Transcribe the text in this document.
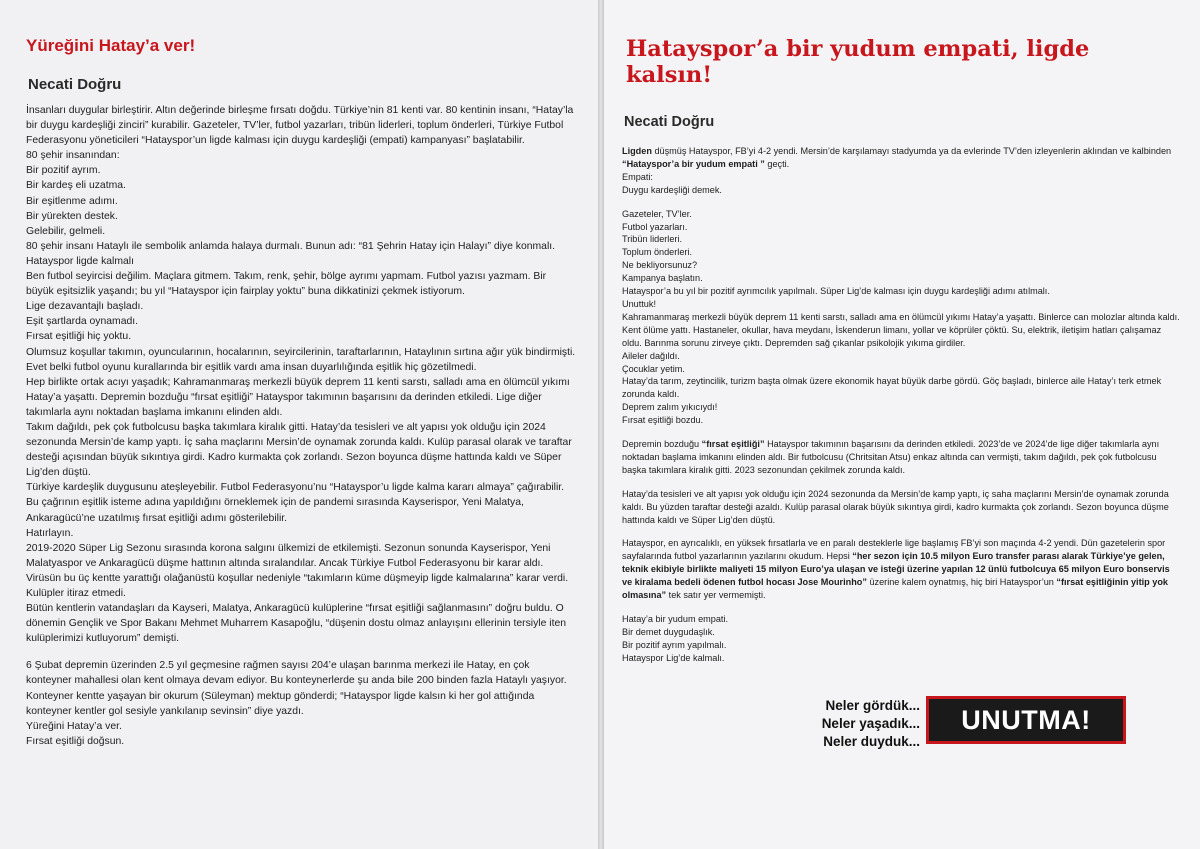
Yüreğini Hatay’a ver!
Necati Doğru

İnsanları duygular birleştirir. Altın değerinde birleşme fırsatı doğdu. Türkiye’nin 81 kenti var. 80 kentinin insanı, “Hatay’la bir duygu kardeşliği zinciri” kurabilir. Gazeteler, TV’ler, futbol yazarları, tribün liderleri, toplum önderleri, Türkiye Futbol Federasyonu yöneticileri “Hatayspor’un ligde kalması için duygu kardeşliği (empati) kampanyası” başlatabilir.

80 şehir insanından:

Bir pozitif ayrım.

Bir kardeş eli uzatma.

Bir eşitlenme adımı.

Bir yürekten destek.

Gelebilir, gelmeli.

80 şehir insanı Hataylı ile sembolik anlamda halaya durmalı. Bunun adı: “81 Şehrin Hatay için Halayı” diye konmalı.

Hatayspor ligde kalmalı

Ben futbol seyircisi değilim. Maçlara gitmem. Takım, renk, şehir, bölge ayrımı yapmam. Futbol yazısı yazmam. Bir büyük eşitsizlik yaşandı; bu yıl “Hatayspor için fairplay yoktu” buna dikkatinizi çekmek istiyorum.

Lige dezavantajlı başladı.

Eşit şartlarda oynamadı.

Fırsat eşitliği hiç yoktu.

Olumsuz koşullar takımın, oyuncularının, hocalarının, seyircilerinin, taraftarlarının, Hataylının sırtına ağır yük bindirmişti. Evet belki futbol oyunu kurallarında bir eşitlik vardı ama insan duyarlılığında eşitlik hiç gözetilmedi.

Hep birlikte ortak acıyı yaşadık; Kahramanmaraş merkezli büyük deprem 11 kenti sarstı, salladı ama en ölümcül yıkımı Hatay’a yaşattı. Depremin bozduğu “fırsat eşitliği” Hatayspor takımının başarısını da derinden etkiledi. Lige diğer takımlarla aynı noktadan başlama imkanını elinden aldı.

Takım dağıldı, pek çok futbolcusu başka takımlara kiralık gitti. Hatay’da tesisleri ve alt yapısı yok olduğu için 2024 sezonunda Mersin’de kamp yaptı. İç saha maçlarını Mersin’de oynamak zorunda kaldı. Kulüp parasal olarak ve taraftar desteği açısından büyük sıkıntıya girdi. Kadro kurmakta çok zorlandı. Sezon boyunca düşme hattında kaldı ve Süper Lig’den düştü.

Türkiye kardeşlik duygusunu ateşleyebilir. Futbol Federasyonu’nu “Hatayspor’u ligde kalma kararı almaya” çağırabilir. Bu çağrının eşitlik isteme adına yapıldığını örneklemek için de pandemi sırasında Kayserispor, Yeni Malatya, Ankaragücü’ne uzatılmış fırsat eşitliği adımı gösterilebilir.

Hatırlayın.

2019-2020 Süper Lig Sezonu sırasında korona salgını ülkemizi de etkilemişti. Sezonun sonunda Kayserispor, Yeni Malatyaspor ve Ankaragücü düşme hattının altında sıralandılar. Ancak Türkiye Futbol Federasyonu bir karar aldı. Virüsün bu üç kentte yarattığı olağanüstü koşullar nedeniyle “takımların küme düşmeyip ligde kalmalarına” karar verdi.

Kulüpler itiraz etmedi.

Bütün kentlerin vatandaşları da Kayseri, Malatya, Ankaragücü kulüplerine “fırsat eşitliği sağlanmasını” doğru buldu. O dönemin Gençlik ve Spor Bakanı Mehmet Muharrem Kasapoğlu, “düşenin dostu olmaz anlayışını ellerinin tersiyle iten kulüplerimizi kutluyorum” demişti.

6 Şubat depremin üzerinden 2.5 yıl geçmesine rağmen sayısı 204’e ulaşan barınma merkezi ile Hatay, en çok konteyner mahallesi olan kent olmaya devam ediyor. Bu konteynerlerde şu anda bile 200 binden fazla Hataylı yaşıyor. Konteyner kentte yaşayan bir okurum (Süleyman) mektup gönderdi; “Hatayspor ligde kalsın ki her gol attığında konteyner kentler gol sesiyle yankılanıp sevinsin” diye yazdı.

Yüreğini Hatay’a ver.

Fırsat eşitliği doğsun.

Hatayspor’a bir yudum empati, ligde kalsın!
Necati Doğru

Ligden düşmüş Hatayspor, FB’yi 4-2 yendi. Mersin’de karşılamayı stadyumda ya da evlerinde TV’den izleyenlerin aklından ve kalbinden “Hatayspor’a bir yudum empati ” geçti.

Empati:

Duygu kardeşliği demek.

Gazeteler, TV’ler.

Futbol yazarları.

Tribün liderleri.

Toplum önderleri.

Ne bekliyorsunuz?

Kampanya başlatın.

Hatayspor’a bu yıl bir pozitif ayrımcılık yapılmalı. Süper Lig’de kalması için duygu kardeşliği adımı atılmalı.

Unuttuk!

Kahramanmaraş merkezli büyük deprem 11 kenti sarstı, salladı ama en ölümcül yıkımı Hatay’a yaşattı. Binlerce can molozlar altında kaldı. Kent ölüme yattı. Hastaneler, okullar, hava meydanı, İskenderun limanı, yollar ve köprüler çöktü. Su, elektrik, iletişim hatları çalışamaz oldu. Barınma sorunu zirveye çıktı. Depremden sağ çıkanlar psikolojik yıkıma girdiler.

Aileler dağıldı.

Çocuklar yetim.

Hatay’da tarım, zeytincilik, turizm başta olmak üzere ekonomik hayat büyük darbe gördü. Göç başladı, binlerce aile Hatay’ı terk etmek zorunda kaldı.

Deprem zalım yıkıcıydı!

Fırsat eşitliği bozdu.

Depremin bozduğu “fırsat eşitliği” Hatayspor takımının başarısını da derinden etkiledi. 2023’de ve 2024’de lige diğer takımlarla aynı noktadan başlama imkanını elinden aldı. Bir futbolcusu (Chritsitan Atsu) enkaz altında can vermişti, takım dağıldı, pek çok futbolcusu başka takımlara kiralık gitti. 2023 sezonundan çekilmek zorunda kaldı.

Hatay’da tesisleri ve alt yapısı yok olduğu için 2024 sezonunda da Mersin’de kamp yaptı, iç saha maçlarını Mersin’de oynamak zorunda kaldı. Bu yüzden taraftar desteği azaldı. Kulüp parasal olarak büyük sıkıntıya girdi, kadro kurmakta çok zorlandı. Sezon boyunca düşme hattında kaldı ve Süper Lig’den düştü.

Hatayspor, en ayrıcalıklı, en yüksek fırsatlarla ve en paralı desteklerle lige başlamış FB’yi son maçında 4-2 yendi. Dün gazetelerin spor sayfalarında futbol yazarlarının yazılarını okudum. Hepsi “her sezon için 10.5 milyon Euro transfer parası alarak Türkiye’ye gelen, teknik ekibiyle birlikte maliyeti 15 milyon Euro’ya ulaşan ve isteği üzerine yapılan 12 ünlü futbolcuya 65 milyon Euro bonservis ve kiralama bedeli ödenen futbol hocası Jose Mourinho” üzerine kalem oynatmış, hiç biri Hatayspor’un “fırsat eşitliğinin yitip yok olmasına” tek satır yer vermemişti.

Hatay’a bir yudum empati.

Bir demet duygudaşlık.

Bir pozitif ayrım yapılmalı.

Hatayspor Lig’de kalmalı.

Neler gördük...
Neler yaşadık...
Neler duyduk...
UNUTMA!
